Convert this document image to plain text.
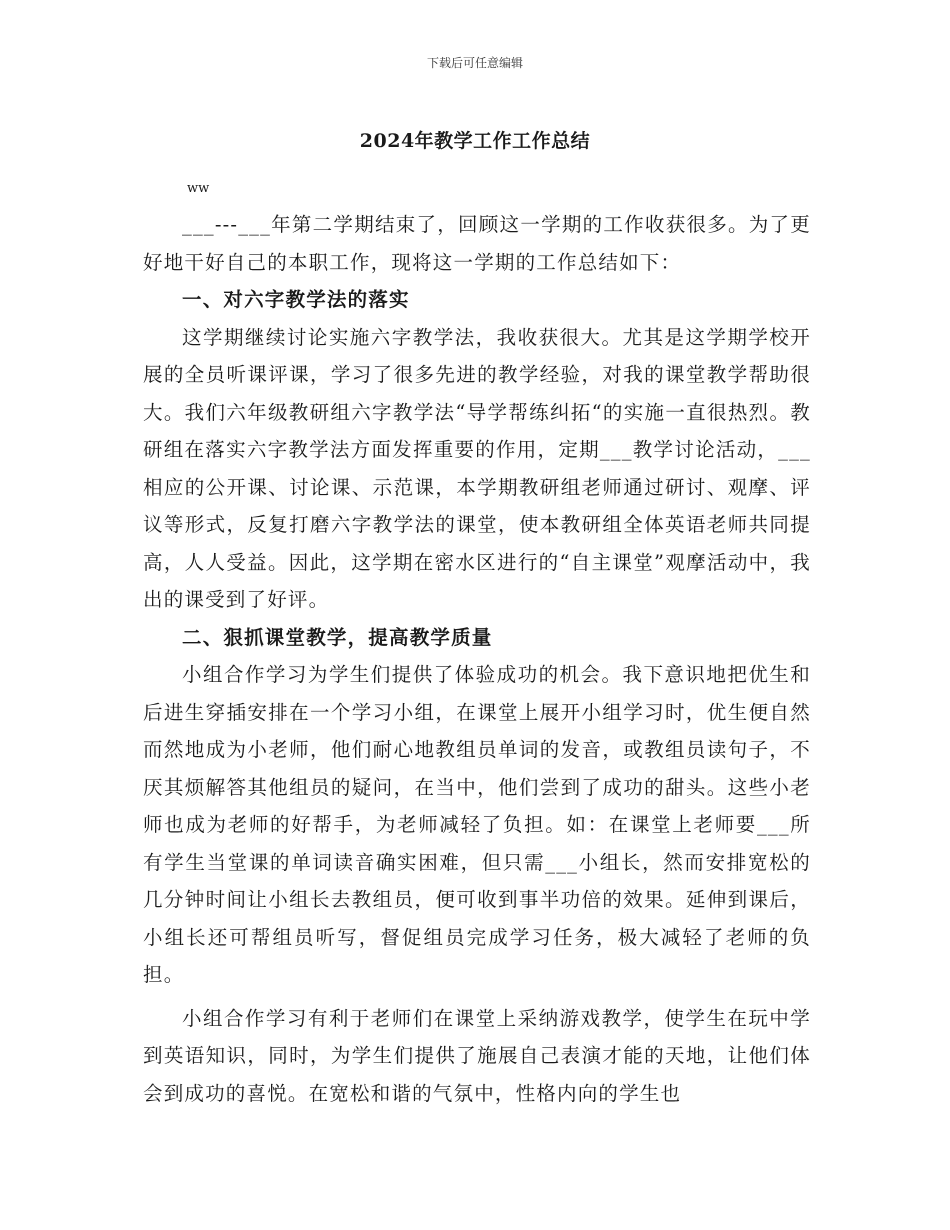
下载后可任意编辑
2024年教学工作工作总结

ww

___---___年第二学期结束了，回顾这一学期的工作收获很多。为了更好地干好自己的本职工作，现将这一学期的工作总结如下：

一、对六字教学法的落实

这学期继续讨论实施六字教学法，我收获很大。尤其是这学期学校开展的全员听课评课，学习了很多先进的教学经验，对我的课堂教学帮助很大。我们六年级教研组六字教学法“导学帮练纠拓“的实施一直很热烈。教研组在落实六字教学法方面发挥重要的作用，定期___教学讨论活动，___相应的公开课、讨论课、示范课，本学期教研组老师通过研讨、观摩、评议等形式，反复打磨六字教学法的课堂，使本教研组全体英语老师共同提高，人人受益。因此，这学期在密水区进行的“自主课堂”观摩活动中，我出的课受到了好评。

二、狠抓课堂教学，提高教学质量

小组合作学习为学生们提供了体验成功的机会。我下意识地把优生和后进生穿插安排在一个学习小组，在课堂上展开小组学习时，优生便自然而然地成为小老师，他们耐心地教组员单词的发音，或教组员读句子，不厌其烦解答其他组员的疑问，在当中，他们尝到了成功的甜头。这些小老师也成为老师的好帮手，为老师减轻了负担。如：在课堂上老师要___所有学生当堂课的单词读音确实困难，但只需___小组长，然而安排宽松的几分钟时间让小组长去教组员，便可收到事半功倍的效果。延伸到课后，小组长还可帮组员听写，督促组员完成学习任务，极大减轻了老师的负担。

小组合作学习有利于老师们在课堂上采纳游戏教学，使学生在玩中学到英语知识，同时，为学生们提供了施展自己表演才能的天地，让他们体会到成功的喜悦。在宽松和谐的气氛中，性格内向的学生也
